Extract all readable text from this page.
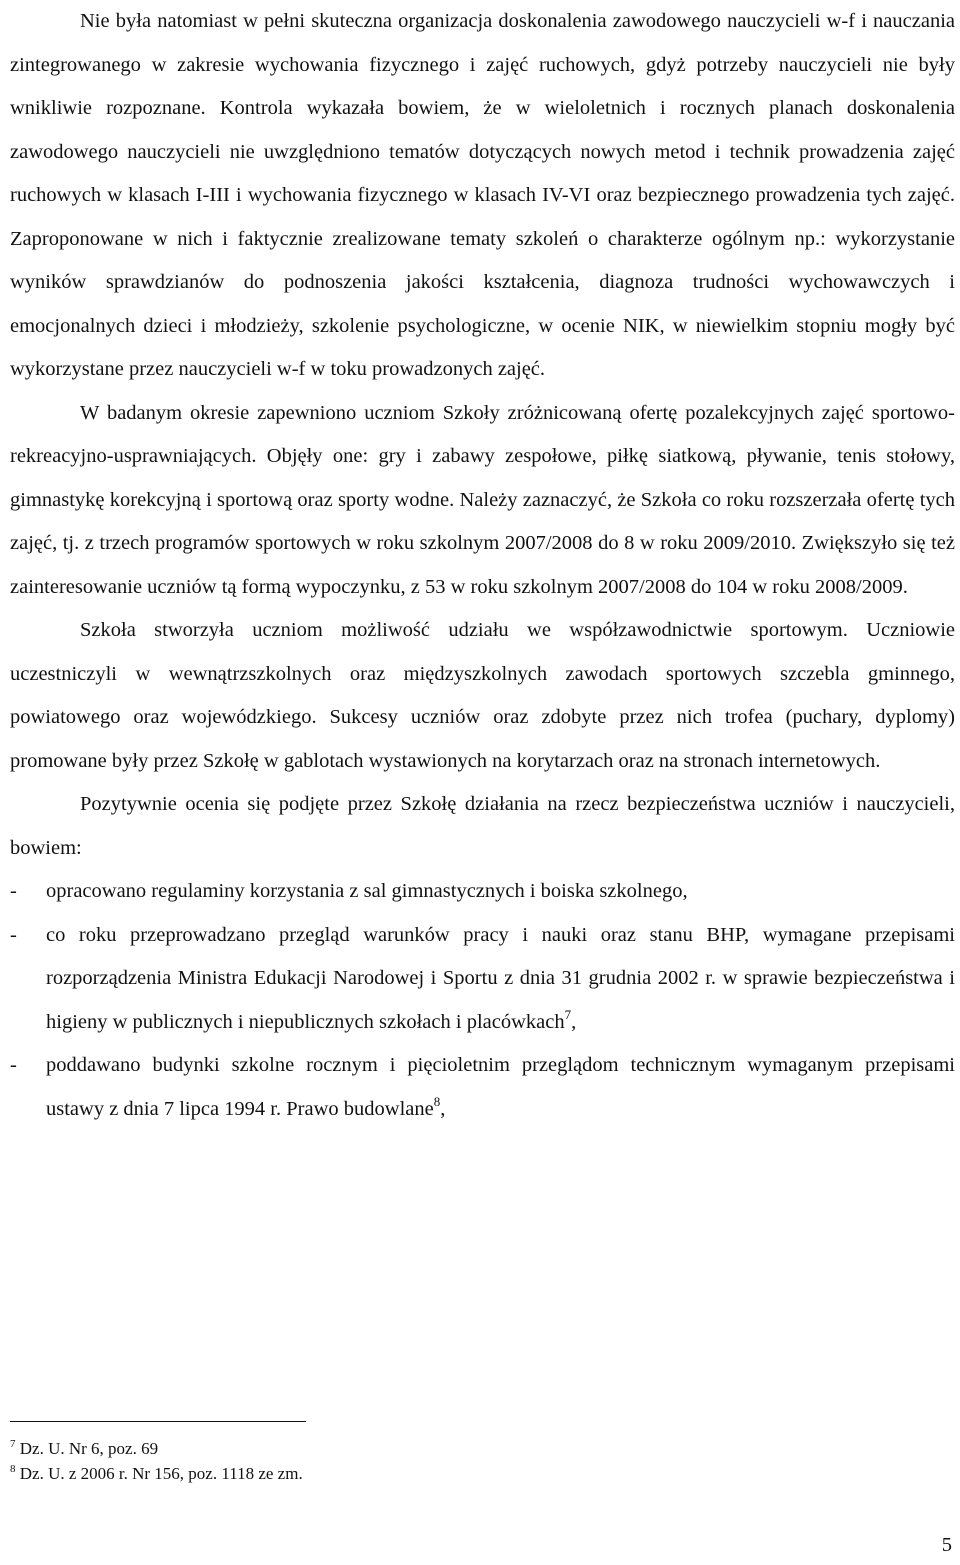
Nie była natomiast w pełni skuteczna organizacja doskonalenia zawodowego nauczycieli w-f i nauczania zintegrowanego w zakresie wychowania fizycznego i zajęć ruchowych, gdyż potrzeby nauczycieli nie były wnikliwie rozpoznane. Kontrola wykazała bowiem, że w wieloletnich i rocznych planach doskonalenia zawodowego nauczycieli nie uwzględniono tematów dotyczących nowych metod i technik prowadzenia zajęć ruchowych w klasach I-III i wychowania fizycznego w klasach IV-VI oraz bezpiecznego prowadzenia tych zajęć. Zaproponowane w nich i faktycznie zrealizowane tematy szkoleń o charakterze ogólnym np.: wykorzystanie wyników sprawdzianów do podnoszenia jakości kształcenia, diagnoza trudności wychowawczych i emocjonalnych dzieci i młodzieży, szkolenie psychologiczne, w ocenie NIK, w niewielkim stopniu mogły być wykorzystane przez nauczycieli w-f w toku prowadzonych zajęć.

W badanym okresie zapewniono uczniom Szkoły zróżnicowaną ofertę pozalekcyjnych zajęć sportowo-rekreacyjno-usprawniających. Objęły one: gry i zabawy zespołowe, piłkę siatkową, pływanie, tenis stołowy, gimnastykę korekcyjną i sportową oraz sporty wodne. Należy zaznaczyć, że Szkoła co roku rozszerzała ofertę tych zajęć, tj. z trzech programów sportowych w roku szkolnym 2007/2008 do 8 w roku 2009/2010. Zwiększyło się też zainteresowanie uczniów tą formą wypoczynku, z 53 w roku szkolnym 2007/2008 do 104 w roku 2008/2009.

Szkoła stworzyła uczniom możliwość udziału we współzawodnictwie sportowym. Uczniowie uczestniczyli w wewnątrzszkolnych oraz międzyszkolnych zawodach sportowych szczebla gminnego, powiatowego oraz wojewódzkiego. Sukcesy uczniów oraz zdobyte przez nich trofea (puchary, dyplomy) promowane były przez Szkołę w gablotach wystawionych na korytarzach oraz na stronach internetowych.

Pozytywnie ocenia się podjęte przez Szkołę działania na rzecz bezpieczeństwa uczniów i nauczycieli, bowiem:

- opracowano regulaminy korzystania z sal gimnastycznych i boiska szkolnego,
- co roku przeprowadzano przegląd warunków pracy i nauki oraz stanu BHP, wymagane przepisami rozporządzenia Ministra Edukacji Narodowej i Sportu z dnia 31 grudnia 2002 r. w sprawie bezpieczeństwa i higieny w publicznych i niepublicznych szkołach i placówkach$^7$,
- poddawano budynki szkolne rocznym i pięcioletnim przeglądom technicznym wymaganym przepisami ustawy z dnia 7 lipca 1994 r. Prawo budowlane$^8$,
$^7$ Dz. U. Nr 6, poz. 69
$^8$ Dz. U. z 2006 r. Nr 156, poz. 1118 ze zm.
5
